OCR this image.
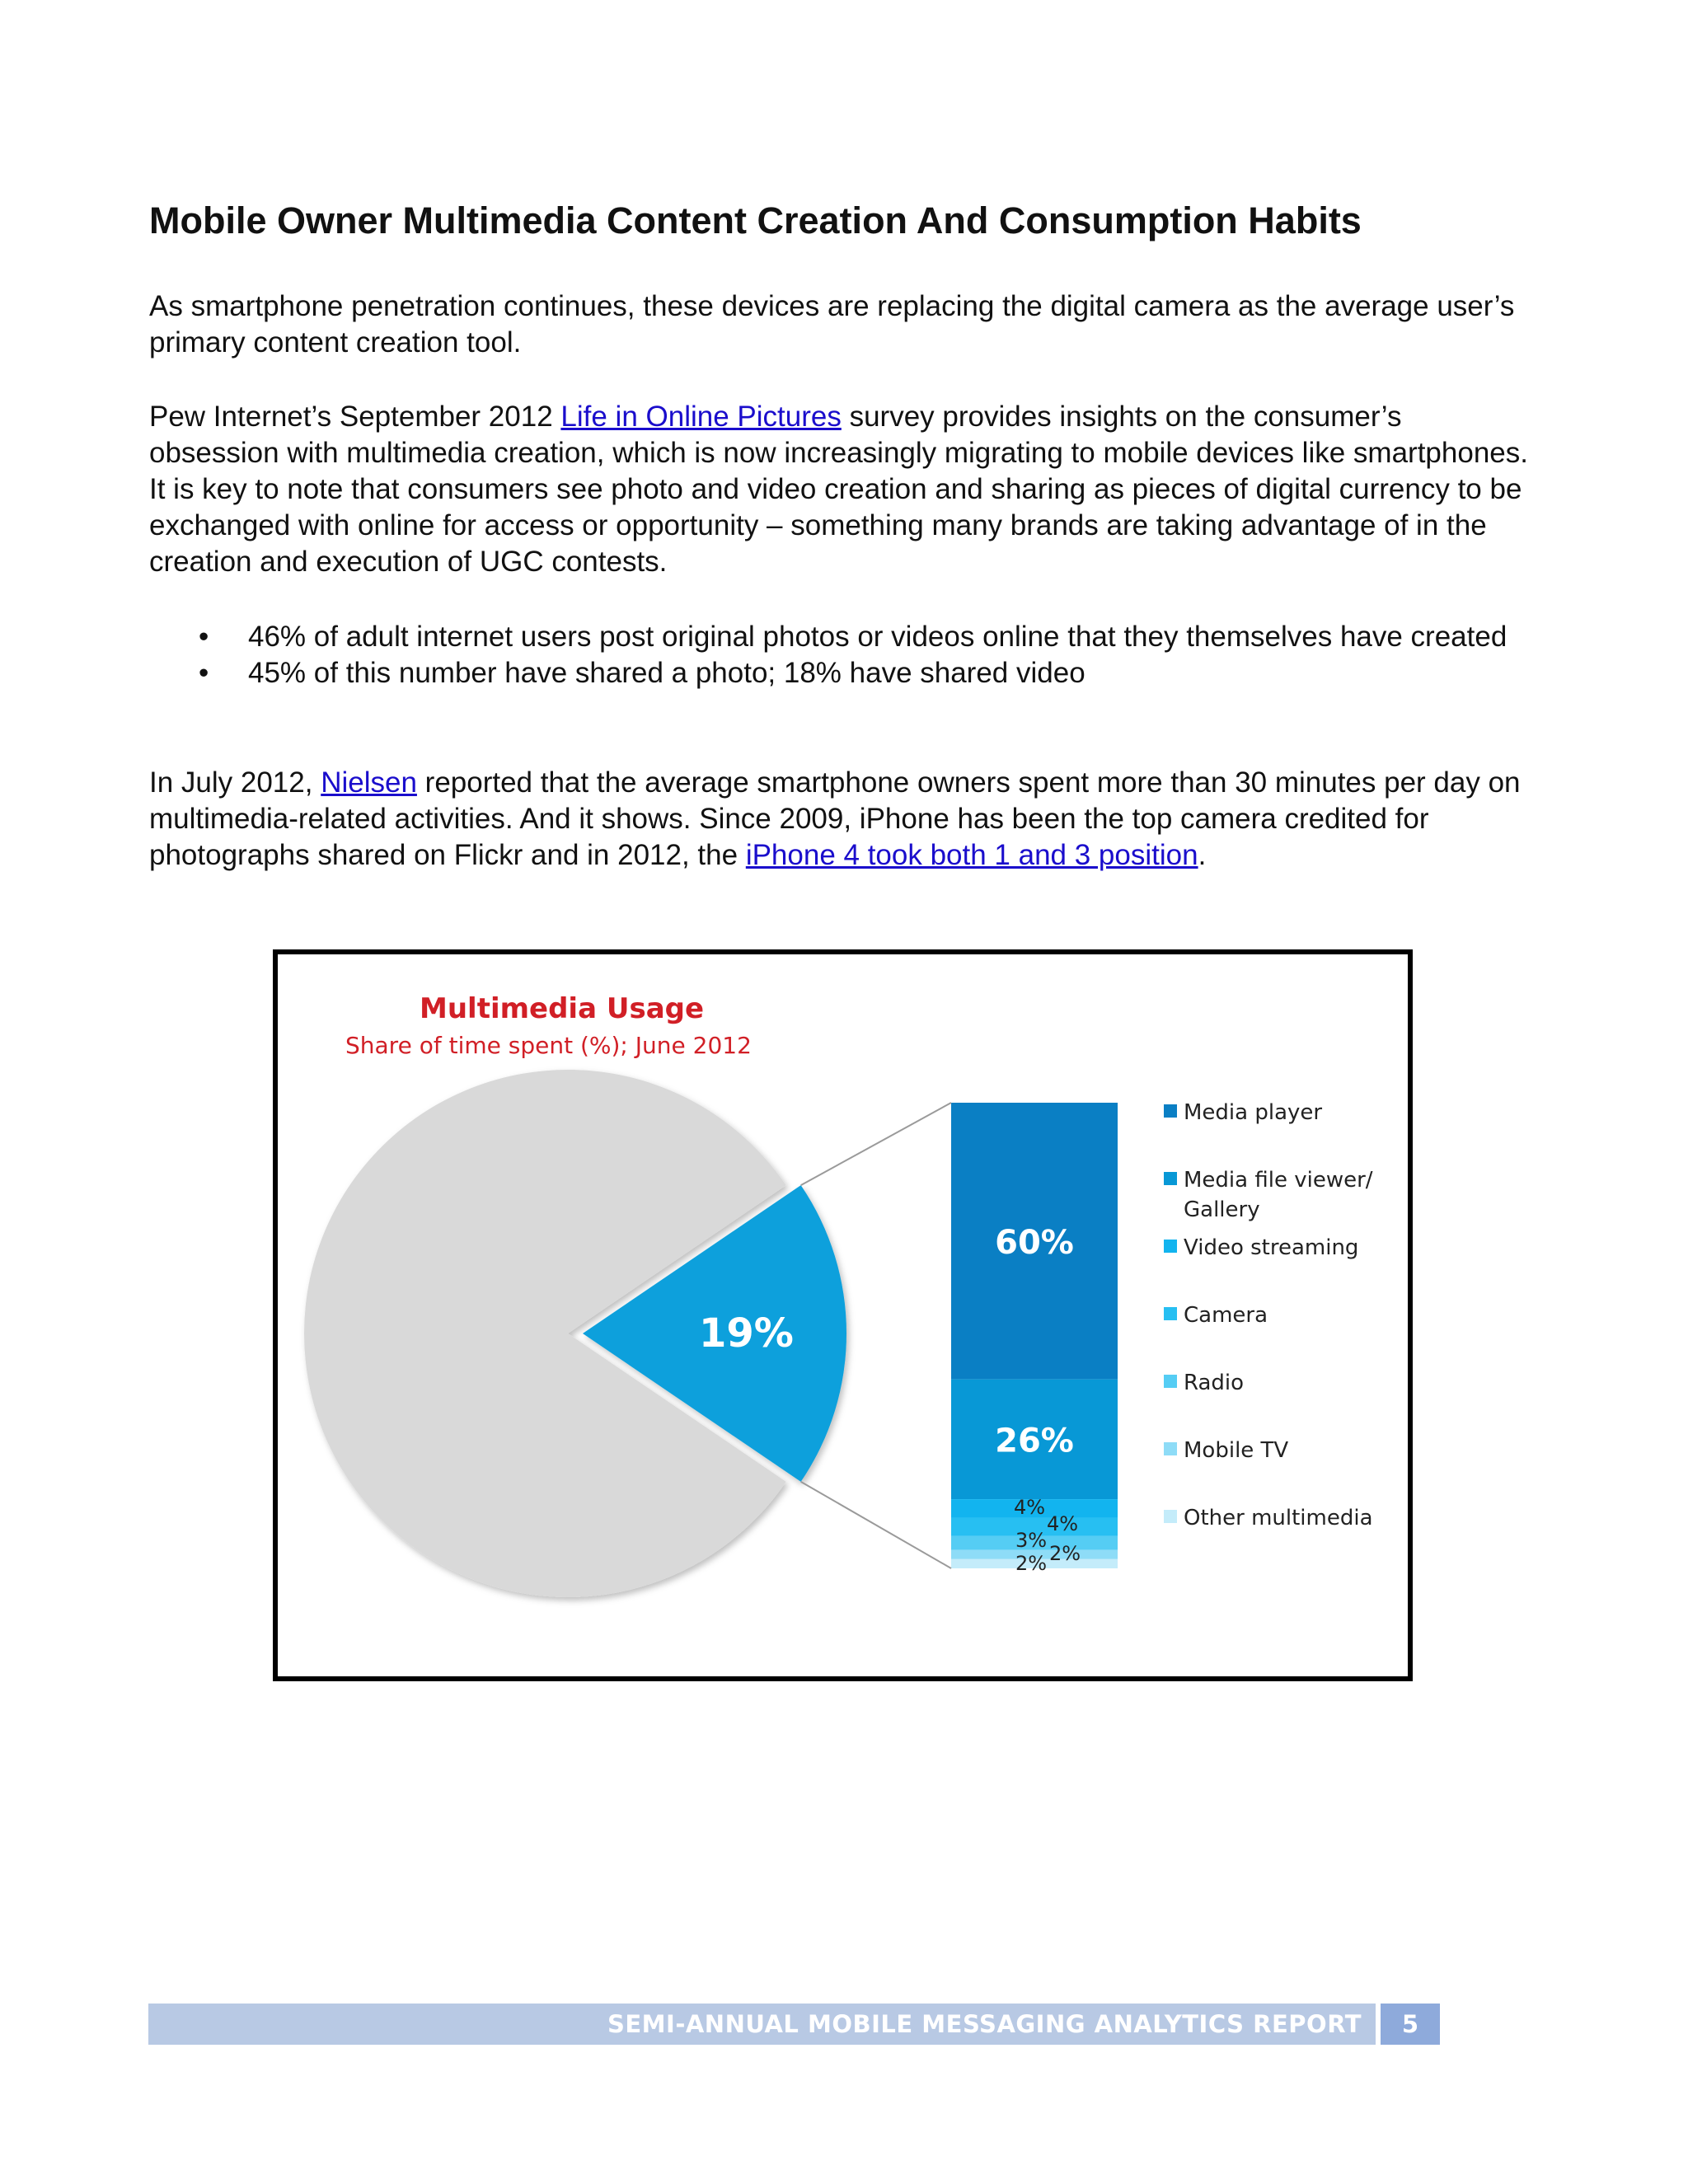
Mobile Owner Multimedia Content Creation And Consumption Habits

As smartphone penetration continues, these devices are replacing the digital camera as the average user’s primary content creation tool.

Pew Internet’s September 2012 Life in Online Pictures survey provides insights on the consumer’s obsession with multimedia creation, which is now increasingly migrating to mobile devices like smartphones. It is key to note that consumers see photo and video creation and sharing as pieces of digital currency to be exchanged with online for access or opportunity – something many brands are taking advantage of in the creation and execution of UGC contests.

• 46% of adult internet users post original photos or videos online that they themselves have created
• 45% of this number have shared a photo; 18% have shared video

In July 2012, Nielsen reported that the average smartphone owners spent more than 30 minutes per day on multimedia-related activities. And it shows. Since 2009, iPhone has been the top camera credited for photographs shared on Flickr and in 2012, the iPhone 4 took both 1 and 3 position.

Multimedia Usage
Share of time spent (%); June 2012
19%
60%
26%
4%
4%
3%
2%
2%
Media player
Media file viewer/
Gallery
Video streaming
Camera
Radio
Mobile TV
Other multimedia
SEMI-ANNUAL MOBILE MESSAGING ANALYTICS REPORT	5
